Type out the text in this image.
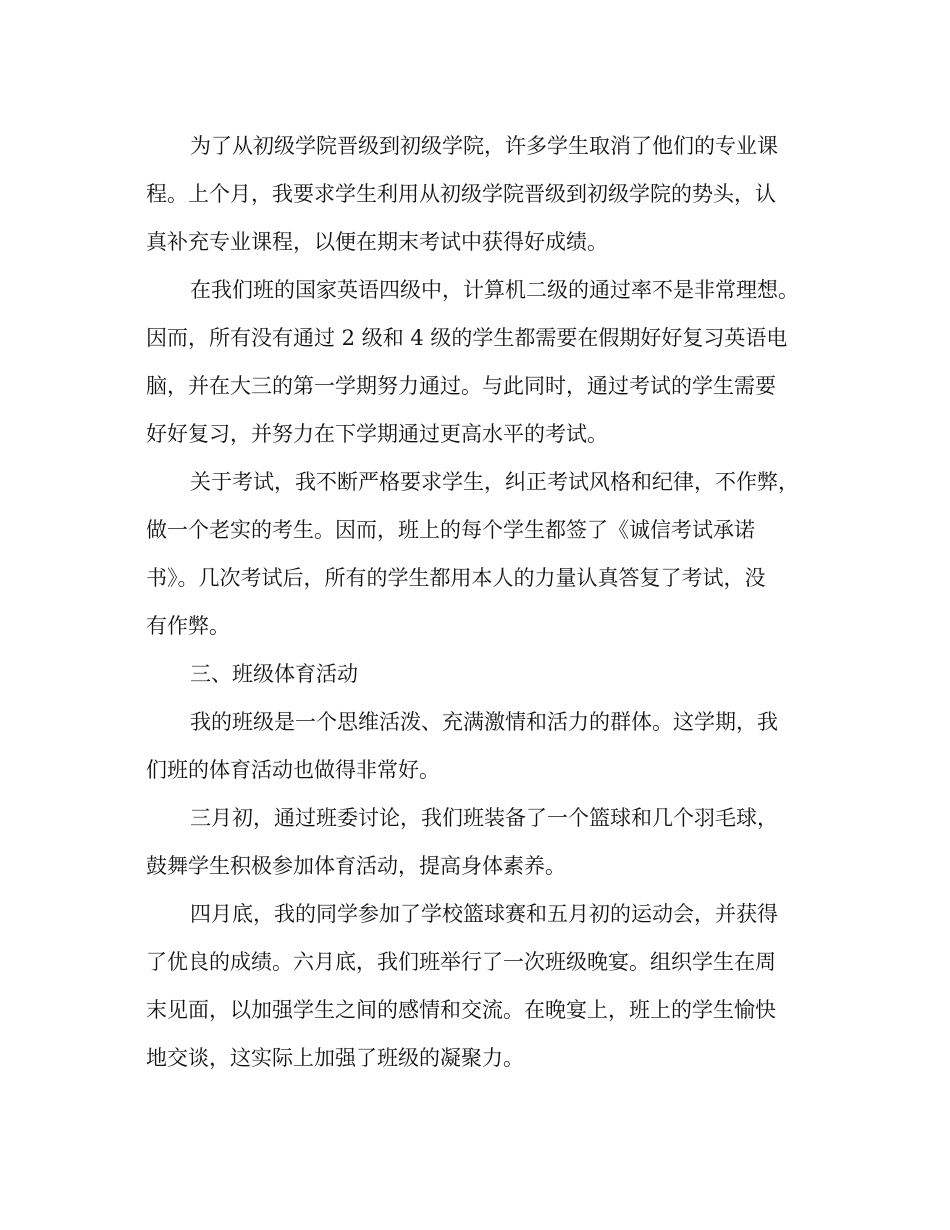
为了从初级学院晋级到初级学院，许多学生取消了他们的专业课
程。上个月，我要求学生利用从初级学院晋级到初级学院的势头，认
真补充专业课程，以便在期末考试中获得好成绩。
在我们班的国家英语四级中，计算机二级的通过率不是非常理想。
因而，所有没有通过 2 级和 4 级的学生都需要在假期好好复习英语电
脑，并在大三的第一学期努力通过。与此同时，通过考试的学生需要
好好复习，并努力在下学期通过更高水平的考试。
关于考试，我不断严格要求学生，纠正考试风格和纪律，不作弊，
做一个老实的考生。因而，班上的每个学生都签了《诚信考试承诺
书》。几次考试后，所有的学生都用本人的力量认真答复了考试，没
有作弊。
三、班级体育活动
我的班级是一个思维活泼、充满激情和活力的群体。这学期，我
们班的体育活动也做得非常好。
三月初，通过班委讨论，我们班装备了一个篮球和几个羽毛球，
鼓舞学生积极参加体育活动，提高身体素养。
四月底，我的同学参加了学校篮球赛和五月初的运动会，并获得
了优良的成绩。六月底，我们班举行了一次班级晚宴。组织学生在周
末见面，以加强学生之间的感情和交流。在晚宴上，班上的学生愉快
地交谈，这实际上加强了班级的凝聚力。
